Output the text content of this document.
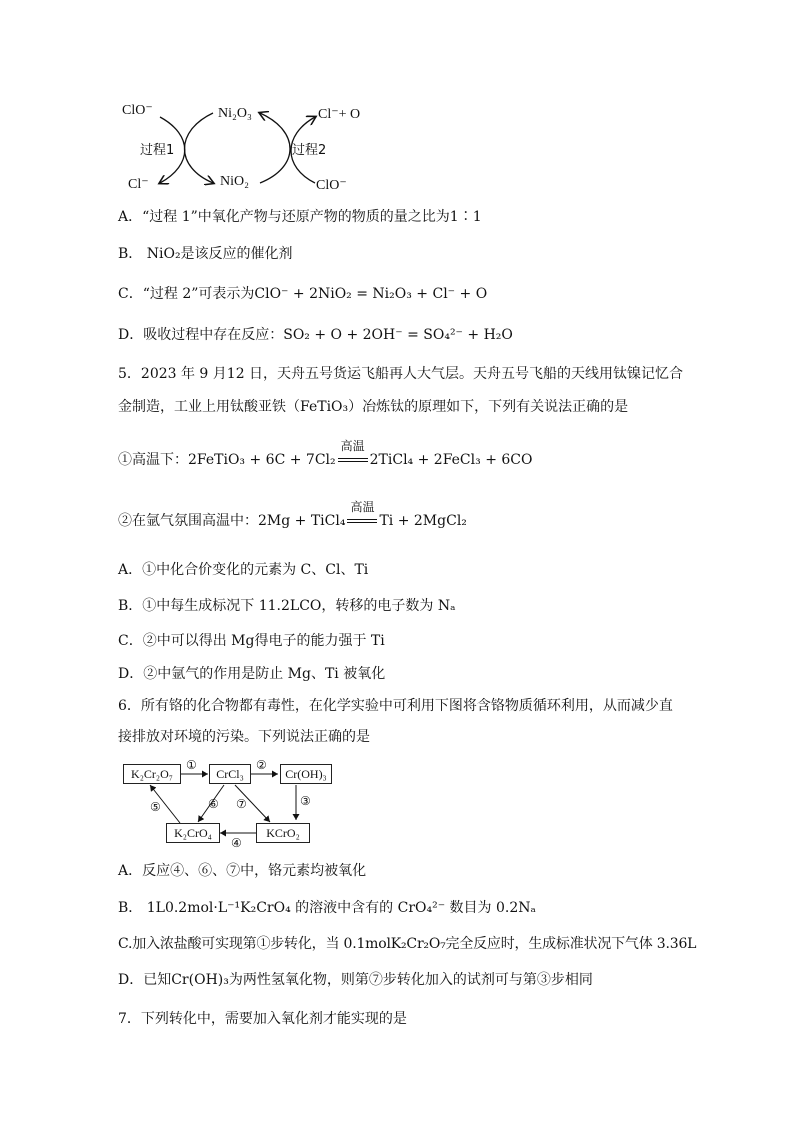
ClO⁻	Ni₂O₃	Cl⁻+ O
过程1	过程2
Cl⁻	NiO₂	ClO⁻
A．“过程 1”中氧化产物与还原产物的物质的量之比为1∶1
B． NiO₂是该反应的催化剂
C．“过程 2”可表示为ClO⁻ + 2NiO₂ = Ni₂O₃ + Cl⁻ + O
D．吸收过程中存在反应：SO₂ + O + 2OH⁻ = SO₄²⁻ + H₂O
5．2023 年 9 月12 日，天舟五号货运飞船再人大气层。天舟五号飞船的天线用钛镍记忆合
金制造，工业上用钛酸亚铁（FeTiO₃）冶炼钛的原理如下，下列有关说法正确的是
①高温下：2FeTiO₃ + 6C + 7Cl₂
高温
2TiCl₄ + 2FeCl₃ + 6CO
②在氩气氛围高温中：2Mg + TiCl₄
高温
Ti + 2MgCl₂
A．①中化合价变化的元素为 C、Cl、Ti
B．①中每生成标况下 11.2LCO，转移的电子数为 Nₐ
C．②中可以得出 Mg得电子的能力强于 Ti
D．②中氩气的作用是防止 Mg、Ti 被氧化
6．所有铬的化合物都有毒性，在化学实验中可利用下图将含铬物质循环利用，从而减少直
接排放对环境的污染。下列说法正确的是
K₂Cr₂O₇	CrCl₃	Cr(OH)₃
K₂CrO₄	KCrO₂
①	②
③
④
⑤	⑥ ⑦
A．反应④、⑥、⑦中，铬元素均被氧化
B． 1L0.2mol·L⁻¹K₂CrO₄ 的溶液中含有的 CrO₄²⁻ 数目为 0.2Nₐ
C.加入浓盐酸可实现第①步转化，当 0.1molK₂Cr₂O₇完全反应时，生成标准状况下气体 3.36L
D．已知Cr(OH)₃为两性氢氧化物，则第⑦步转化加入的试剂可与第③步相同
7．下列转化中，需要加入氧化剂才能实现的是
